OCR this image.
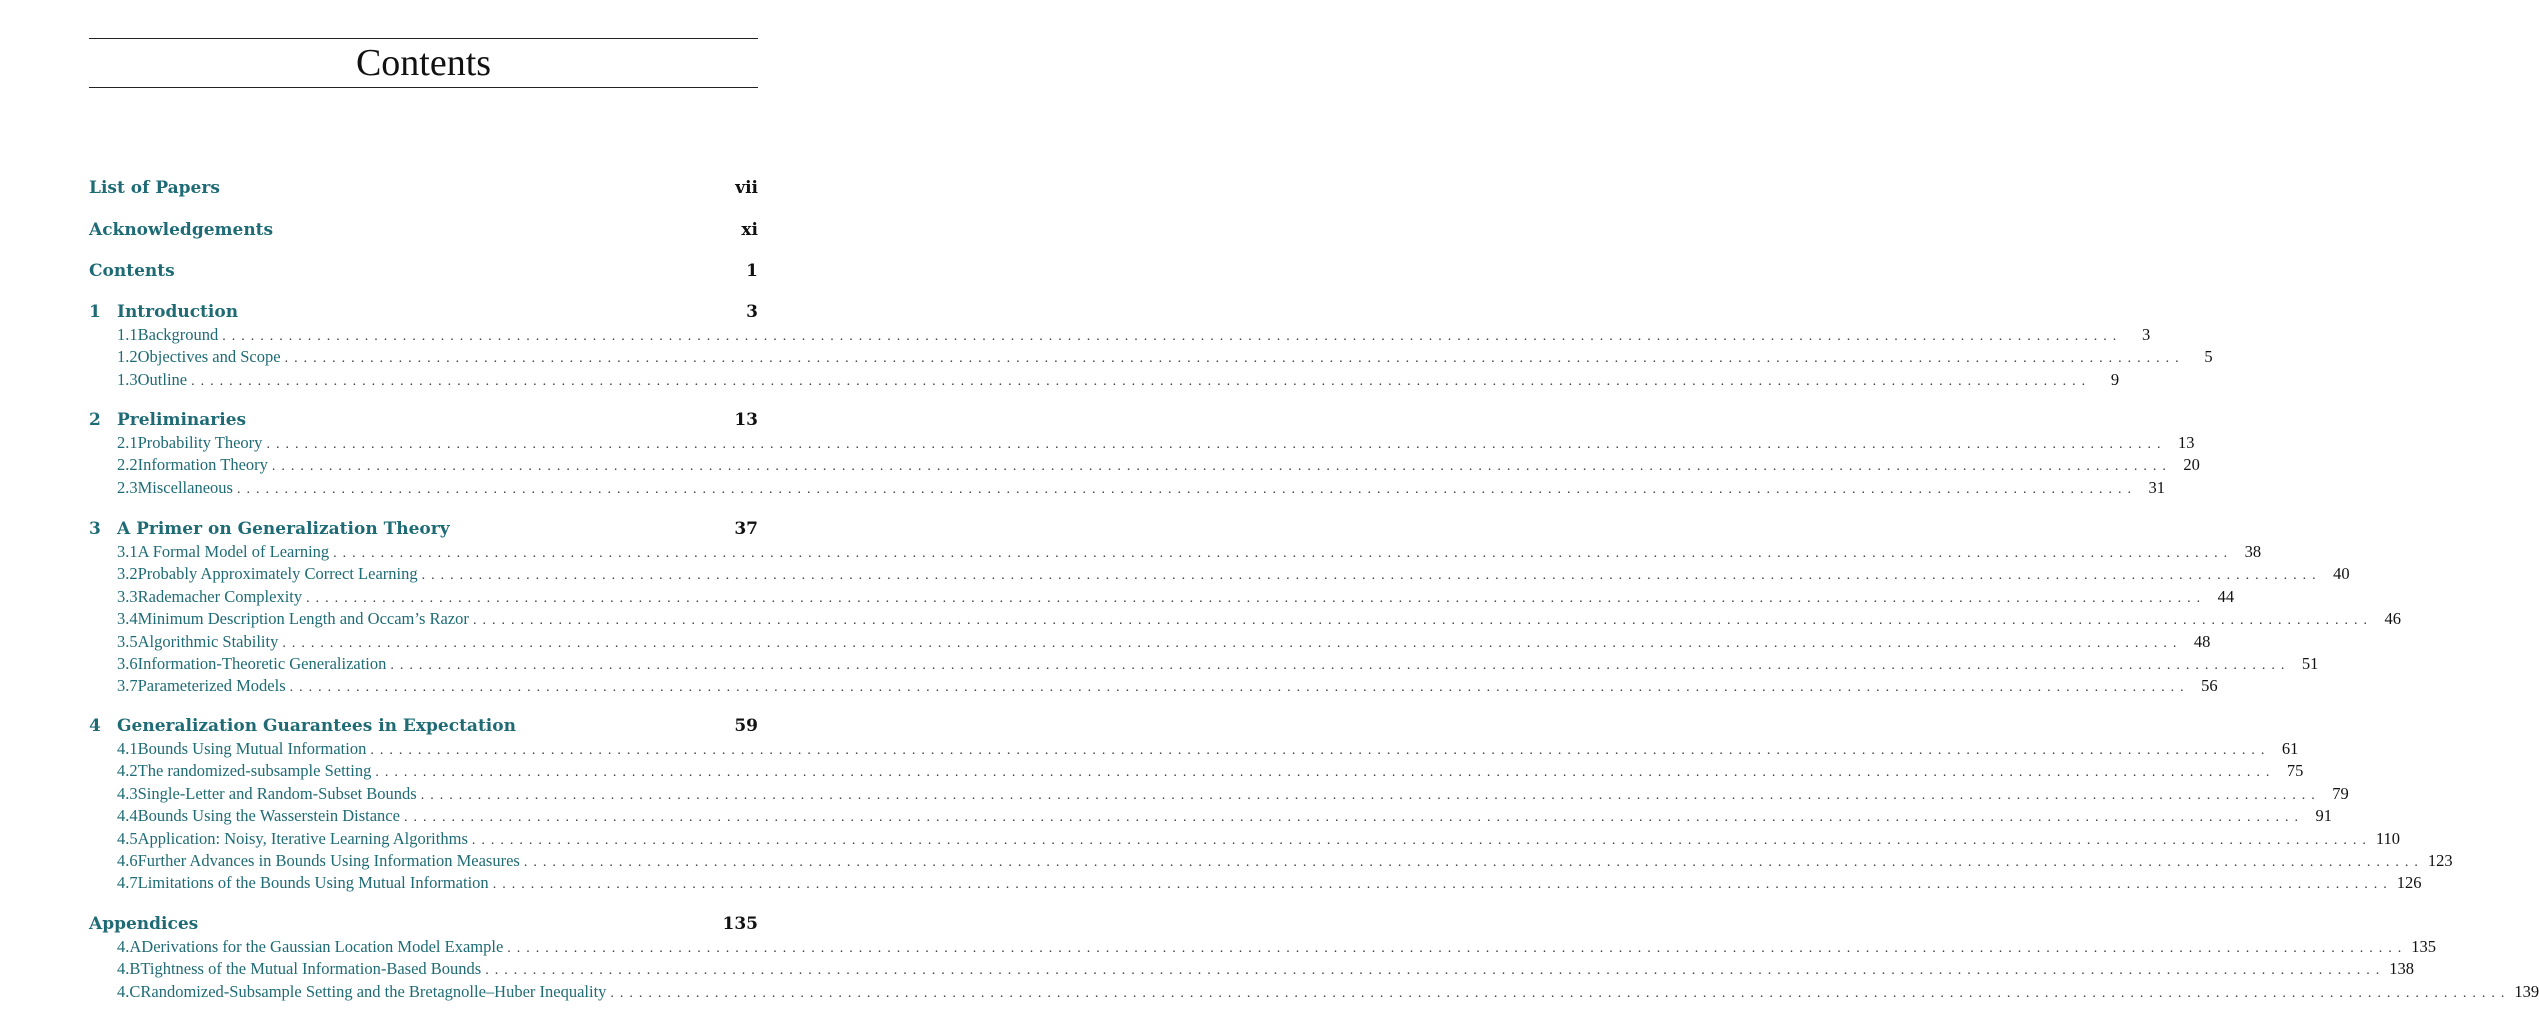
Contents
List of Papers	vii
Acknowledgements	xi
Contents	1
1 Introduction	3
1.1 Background ........................................................................................................................................................................................................	3
1.2 Objectives and Scope ........................................................................................................................................................................................................	5
1.3 Outline ........................................................................................................................................................................................................	9
2 Preliminaries	13
2.1 Probability Theory ........................................................................................................................................................................................................ 13
2.2 Information Theory ........................................................................................................................................................................................................ 20
2.3 Miscellaneous ........................................................................................................................................................................................................ 31
3 A Primer on Generalization Theory	37
3.1 A Formal Model of Learning ........................................................................................................................................................................................................ 38
3.2 Probably Approximately Correct Learning ........................................................................................................................................................................................................ 40
3.3 Rademacher Complexity ........................................................................................................................................................................................................ 44
3.4 Minimum Description Length and Occam’s Razor ........................................................................................................................................................................................................ 46
3.5 Algorithmic Stability ........................................................................................................................................................................................................ 48
3.6 Information-Theoretic Generalization ........................................................................................................................................................................................................ 51
3.7 Parameterized Models ........................................................................................................................................................................................................ 56
4 Generalization Guarantees in Expectation	59
4.1 Bounds Using Mutual Information ........................................................................................................................................................................................................ 61
4.2 The randomized-subsample Setting ........................................................................................................................................................................................................ 75
4.3 Single-Letter and Random-Subset Bounds ........................................................................................................................................................................................................ 79
4.4 Bounds Using the Wasserstein Distance ........................................................................................................................................................................................................ 91
4.5 Application: Noisy, Iterative Learning Algorithms ........................................................................................................................................................................................................ 110
4.6 Further Advances in Bounds Using Information Measures ........................................................................................................................................................................................................ 123
4.7 Limitations of the Bounds Using Mutual Information ........................................................................................................................................................................................................ 126
Appendices	135
4.A Derivations for the Gaussian Location Model Example ........................................................................................................................................................................................................ 135
4.B Tightness of the Mutual Information-Based Bounds ........................................................................................................................................................................................................ 138
4.C Randomized-Subsample Setting and the Bretagnolle–Huber Inequality ........................................................................................................................................................................................................ 139
